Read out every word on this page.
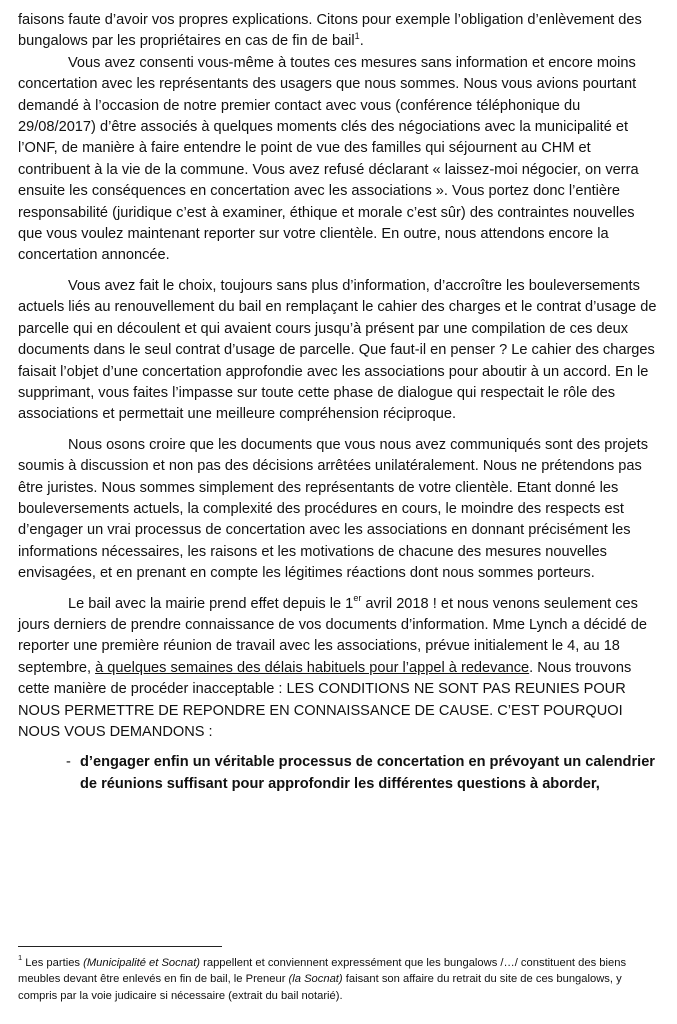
faisons faute d’avoir vos propres explications. Citons pour exemple l’obligation d’enlèvement des bungalows par les propriétaires en cas de fin de bail$^1$.

Vous avez consenti vous-même à toutes ces mesures sans information et encore moins concertation avec les représentants des usagers que nous sommes. Nous vous avions pourtant demandé à l’occasion de notre premier contact avec vous (conférence téléphonique du 29/08/2017) d’être associés à quelques moments clés des négociations avec la municipalité et l’ONF, de manière à faire entendre le point de vue des familles qui séjournent au CHM et contribuent à la vie de la commune. Vous avez refusé déclarant « laissez-moi négocier, on verra ensuite les conséquences en concertation avec les associations ». Vous portez donc l’entière responsabilité (juridique c’est à examiner, éthique et morale c’est sûr) des contraintes nouvelles que vous voulez maintenant reporter sur votre clientèle. En outre, nous attendons encore la concertation annoncée.

Vous avez fait le choix, toujours sans plus d’information, d’accroître les bouleversements actuels liés au renouvellement du bail en remplaçant le cahier des charges et le contrat d’usage de parcelle qui en découlent et qui avaient cours jusqu’à présent par une compilation de ces deux documents dans le seul contrat d’usage de parcelle. Que faut-il en penser ? Le cahier des charges faisait l’objet d’une concertation approfondie avec les associations pour aboutir à un accord. En le supprimant, vous faites l’impasse sur toute cette phase de dialogue qui respectait le rôle des associations et permettait une meilleure compréhension réciproque.

Nous osons croire que les documents que vous nous avez communiqués sont des projets soumis à discussion et non pas des décisions arrêtées unilatéralement. Nous ne prétendons pas être juristes. Nous sommes simplement des représentants de votre clientèle. Etant donné les bouleversements actuels, la complexité des procédures en cours, le moindre des respects est d’engager un vrai processus de concertation avec les associations en donnant précisément les informations nécessaires, les raisons et les motivations de chacune des mesures nouvelles envisagées, et en prenant en compte les légitimes réactions dont nous sommes porteurs.

Le bail avec la mairie prend effet depuis le 1er avril 2018 ! et nous venons seulement ces jours derniers de prendre connaissance de vos documents d’information. Mme Lynch a décidé de reporter une première réunion de travail avec les associations, prévue initialement le 4, au 18 septembre, à quelques semaines des délais habituels pour l’appel à redevance. Nous trouvons cette manière de procéder inacceptable : LES CONDITIONS NE SONT PAS REUNIES POUR NOUS PERMETTRE DE REPONDRE EN CONNAISSANCE DE CAUSE. C’EST POURQUOI NOUS VOUS DEMANDONS :

- d’engager enfin un véritable processus de concertation en prévoyant un calendrier de réunions suffisant pour approfondir les différentes questions à aborder,

$^1$ Les parties (Municipalité et Socnat) rappellent et conviennent expressément que les bungalows /…/ constituent des biens meubles devant être enlevés en fin de bail, le Preneur (la Socnat) faisant son affaire du retrait du site de ces bungalows, y compris par la voie judicaire si nécessaire (extrait du bail notarié).
